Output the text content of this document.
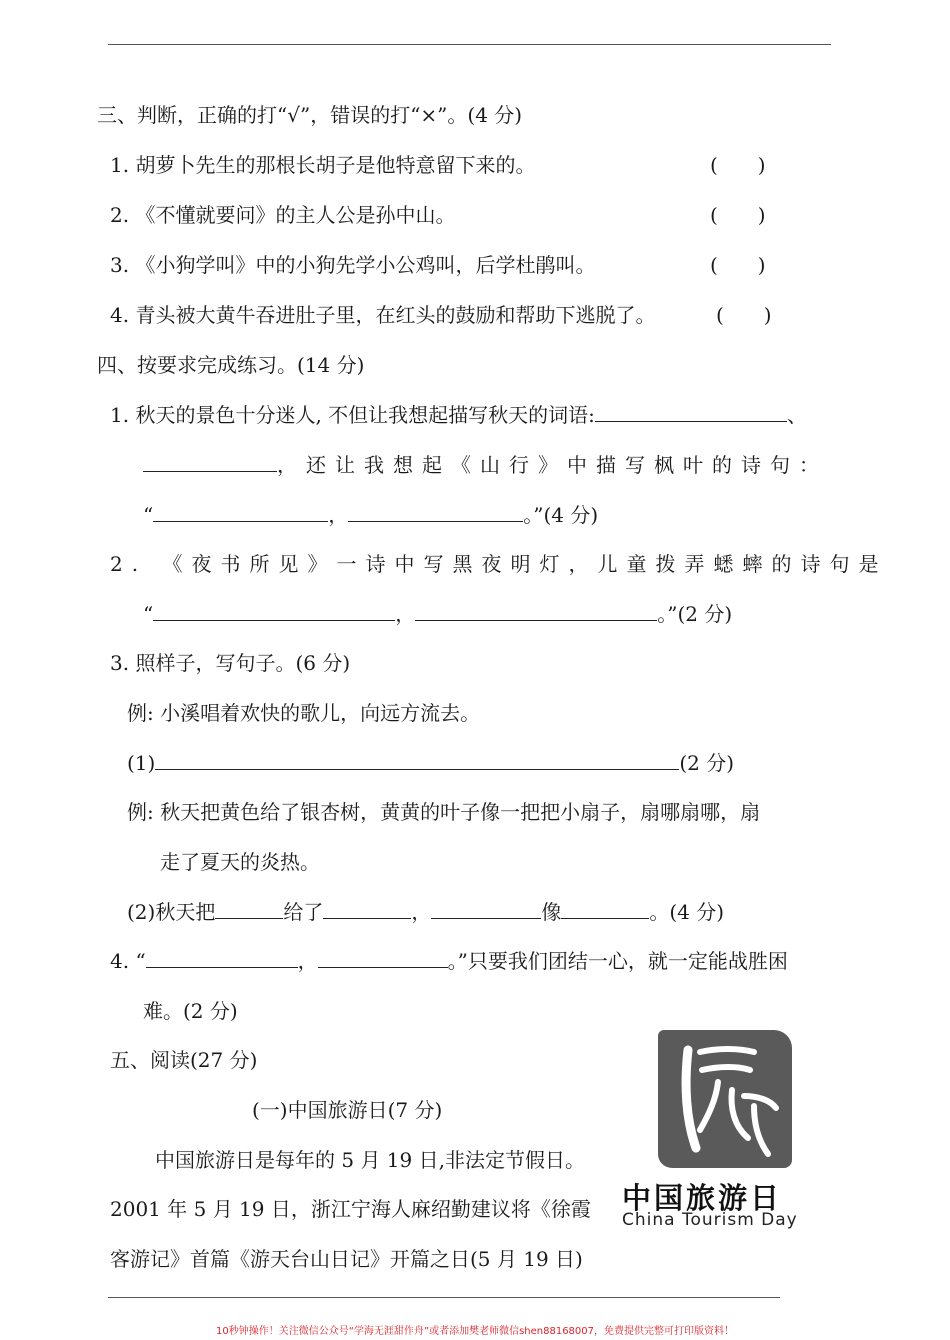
三、判断，正确的打“√”，错误的打“×”。(4 分)
1. 胡萝卜先生的那根长胡子是他特意留下来的。	(　　)
2. 《不懂就要问》的主人公是孙中山。	(　　)
3. 《小狗学叫》中的小狗先学小公鸡叫，后学杜鹃叫。	(　　)
4. 青头被大黄牛吞进肚子里，在红头的鼓励和帮助下逃脱了。	(　　)
四、按要求完成练习。(14 分)
1. 秋天的景色十分迷人, 不但让我想起描写秋天的词语:	、
，还让我想起《山行》中描写枫叶的诗句：
“	，	。”(4 分)
2. 《夜书所见》一诗中写黑夜明灯，儿童拨弄蟋蟀的诗句是
“	，	。”(2 分)
3. 照样子，写句子。(6 分)
例: 小溪唱着欢快的歌儿，向远方流去。
(1)	(2 分)
例: 秋天把黄色给了银杏树，黄黄的叶子像一把把小扇子，扇哪扇哪，扇
走了夏天的炎热。
(2)秋天把	给了	，	像	。(4 分)
4. “	，	。”只要我们团结一心，就一定能战胜困
难。(2 分)
五、阅读(27 分)
(一)中国旅游日(7 分)
中国旅游日是每年的 5 月 19 日,非法定节假日。
2001 年 5 月 19 日，浙江宁海人麻绍勤建议将《徐霞
客游记》首篇《游天台山日记》开篇之日(5 月 19 日)
中国旅游日
China Tourism Day
10秒钟操作！关注微信公众号“学海无涯甜作舟”或者添加樊老师微信shen88168007，免费提供完整可打印版资料！
